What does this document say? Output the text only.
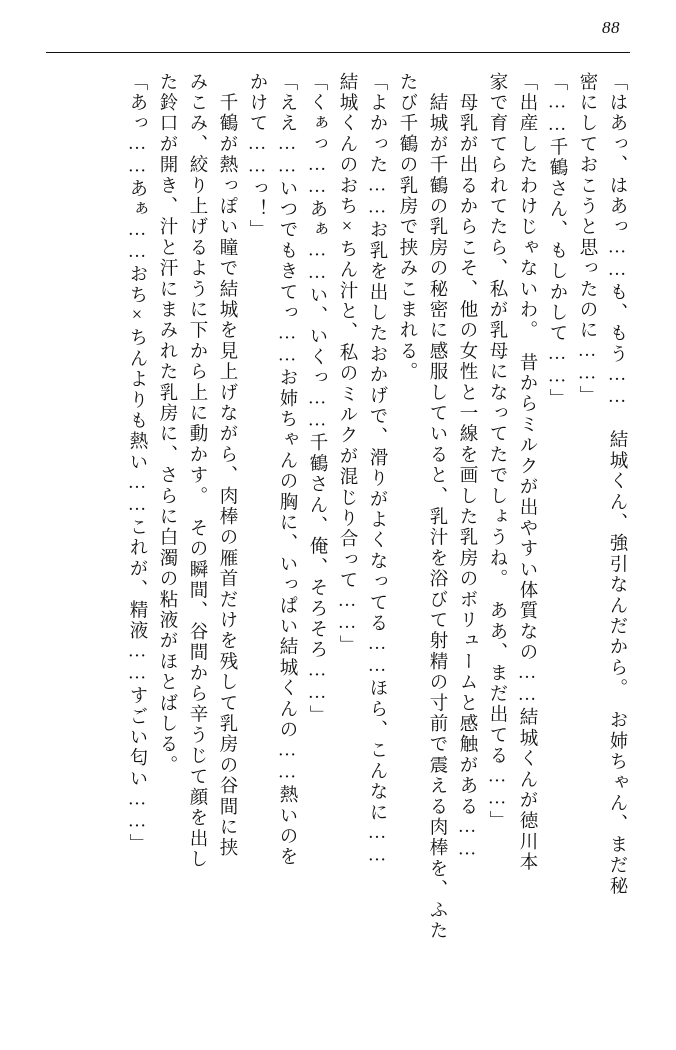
88
「はあっ、はあっ……も、もう……　結城くん、強引なんだから。　お姉ちゃん、まだ秘
密にしておこうと思ったのに……」
「……千鶴さん、もしかして……」
「出産したわけじゃないわ。　昔からミルクが出やすい体質なの……結城くんが徳川本
家で育てられてたら、私が乳母になってたでしょうね。　ああ、まだ出てる……」
　母乳が出るからこそ、他の女性と一線を画した乳房のボリュームと感触がある……
　結城が千鶴の乳房の秘密に感服していると、乳汁を浴びて射精の寸前で震える肉棒を、ふた
たび千鶴の乳房で挟みこまれる。
「よかった……お乳を出したおかげで、滑りがよくなってる……ほら、こんなに……
結城くんのおち×ちん汁と、私のミルクが混じり合って……」
「くぁっ……あぁ……い、いくっ……千鶴さん、俺、そろそろ……」
「ええ……いつでもきてっ……お姉ちゃんの胸に、いっぱい結城くんの……熱いのを
かけて……っ！」
　千鶴が熱っぽい瞳で結城を見上げながら、肉棒の雁首だけを残して乳房の谷間に挟
みこみ、絞り上げるように下から上に動かす。　その瞬間、谷間から辛うじて顔を出し
た鈴口が開き、汁と汗にまみれた乳房に、さらに白濁の粘液がほとばしる。
「あっ……あぁ……おち×ちんよりも熱い……これが、精液……すごい匂い……」
